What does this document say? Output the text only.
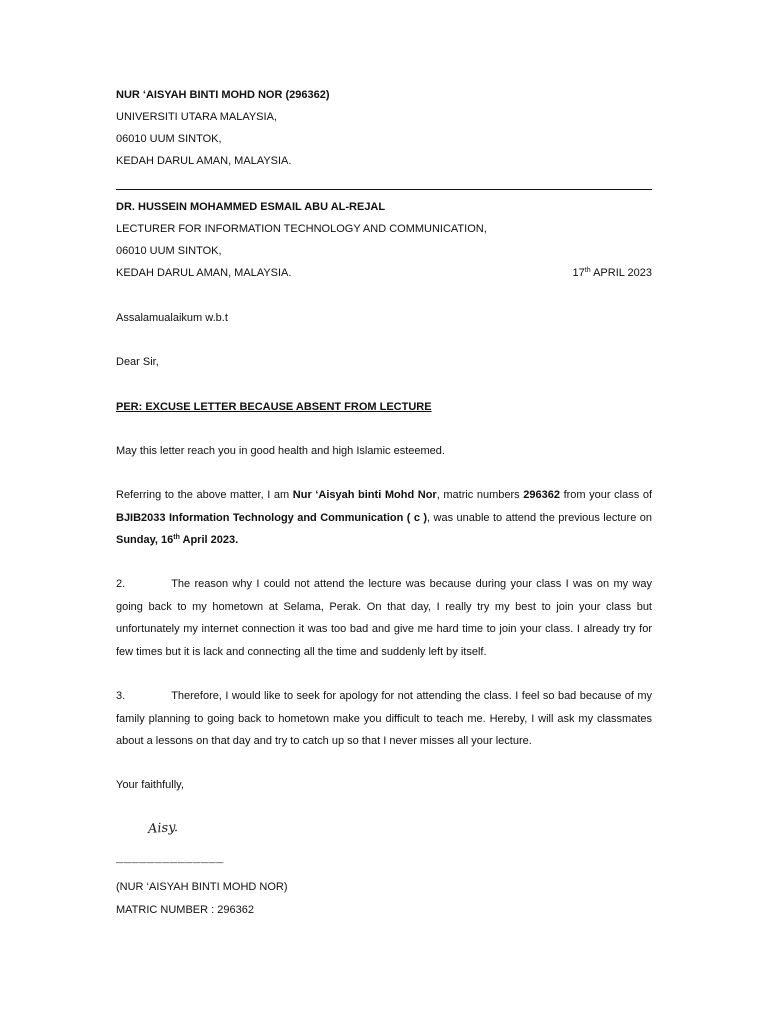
NUR ‘AISYAH BINTI MOHD NOR (296362)
UNIVERSITI UTARA MALAYSIA,
06010 UUM SINTOK,
KEDAH DARUL AMAN, MALAYSIA.
DR. HUSSEIN MOHAMMED ESMAIL ABU AL-REJAL
LECTURER FOR INFORMATION TECHNOLOGY AND COMMUNICATION,
06010 UUM SINTOK,
KEDAH DARUL AMAN, MALAYSIA.	17th APRIL 2023
Assalamualaikum w.b.t
Dear Sir,
PER: EXCUSE LETTER BECAUSE ABSENT FROM LECTURE
May this letter reach you in good health and high Islamic esteemed.
Referring to the above matter, I am Nur ‘Aisyah binti Mohd Nor, matric numbers 296362 from your class of BJIB2033 Information Technology and Communication ( c ), was unable to attend the previous lecture on Sunday, 16th April 2023.
2.	The reason why I could not attend the lecture was because during your class I was on my way going back to my hometown at Selama, Perak. On that day, I really try my best to join your class but unfortunately my internet connection it was too bad and give me hard time to join your class. I already try for few times but it is lack and connecting all the time and suddenly left by itself.
3.	Therefore, I would like to seek for apology for not attending the class. I feel so bad because of my family planning to going back to hometown make you difficult to teach me. Hereby, I will ask my classmates about a lessons on that day and try to catch up so that I never misses all your lecture.
Your faithfully,
Aisy.
______________
(NUR ‘AISYAH BINTI MOHD NOR)
MATRIC NUMBER : 296362
